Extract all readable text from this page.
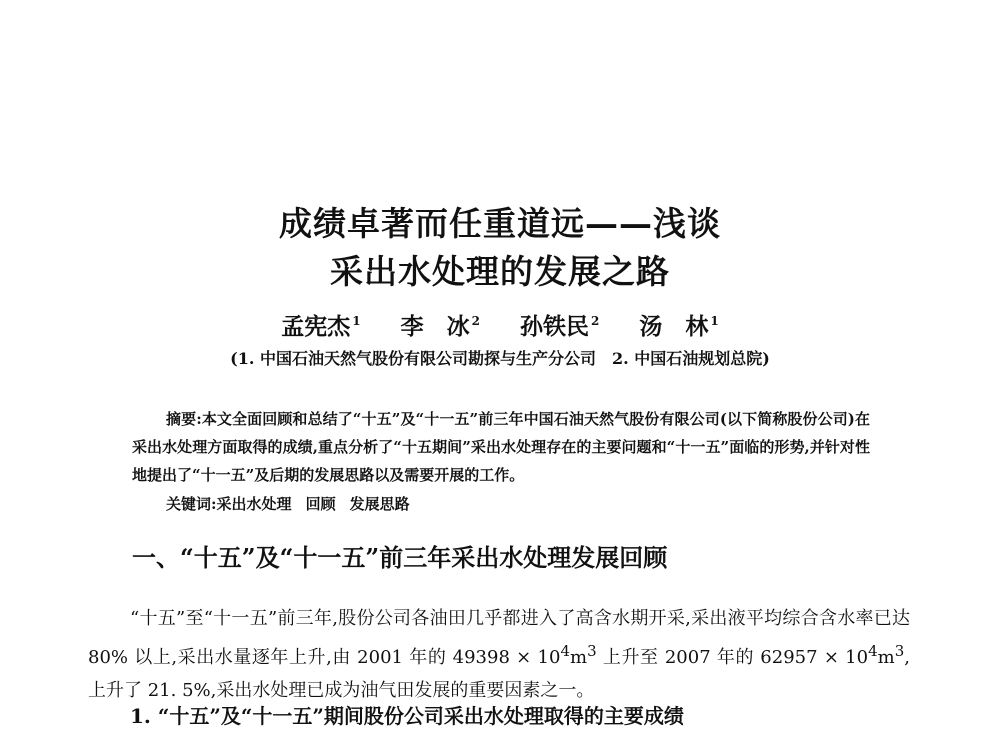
成绩卓著而任重道远——浅谈
采出水处理的发展之路
孟宪杰 $^1$ 李　冰 $^2$ 孙铁民 $^2$ 汤　林 $^1$
(1. 中国石油天然气股份有限公司勘探与生产分公司　2. 中国石油规划总院)
摘要:本文全面回顾和总结了“十五”及“十一五”前三年中国石油天然气股份有限公司(以下简称股份公司)在采出水处理方面取得的成绩,重点分析了“十五期间”采出水处理存在的主要问题和“十一五”面临的形势,并针对性地提出了“十一五”及后期的发展思路以及需要开展的工作。
关键词:采出水处理 回顾 发展思路
一、“十五”及“十一五”前三年采出水处理发展回顾
“十五”至“十一五”前三年,股份公司各油田几乎都进入了高含水期开采,采出液平均综合含水率已达 80% 以上,采出水量逐年上升,由 2001 年的 $49398 \times 10^4m^3$ 上升至 2007 年的 $62957 \times 10^4m^3$,上升了 21. 5%,采出水处理已成为油气田发展的重要因素之一。
1. “十五”及“十一五”期间股份公司采出水处理取得的主要成绩
